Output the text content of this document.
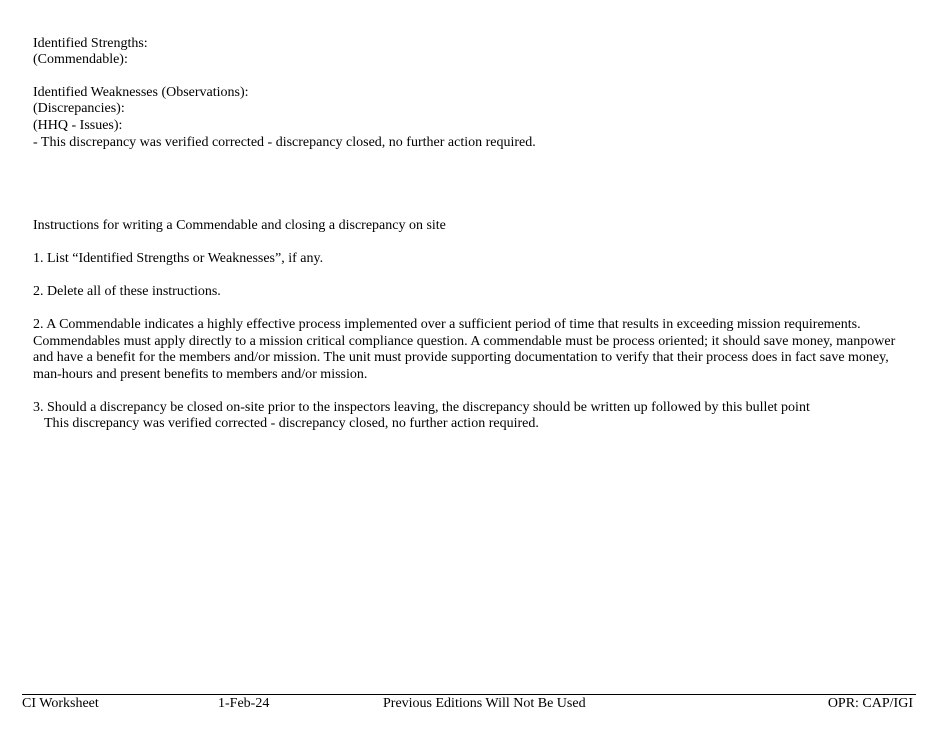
Identified Strengths:
(Commendable):
Identified Weaknesses (Observations):
(Discrepancies):
(HHQ - Issues):
- This discrepancy was verified corrected - discrepancy closed, no further action required.
Instructions for writing a Commendable and closing a discrepancy on site
1. List “Identified Strengths or Weaknesses”, if any.
2. Delete all of these instructions.
2. A Commendable indicates a highly effective process implemented over a sufficient period of time that results in exceeding mission requirements. Commendables must apply directly to a mission critical compliance question. A commendable must be process oriented; it should save money, manpower and have a benefit for the members and/or mission. The unit must provide supporting documentation to verify that their process does in fact save money, man-hours and present benefits to members and/or mission.
3. Should a discrepancy be closed on-site prior to the inspectors leaving, the discrepancy should be written up followed by this bullet point
This discrepancy was verified corrected - discrepancy closed, no further action required.
CI Worksheet	1-Feb-24	Previous Editions Will Not Be Used	OPR: CAP/IGI
